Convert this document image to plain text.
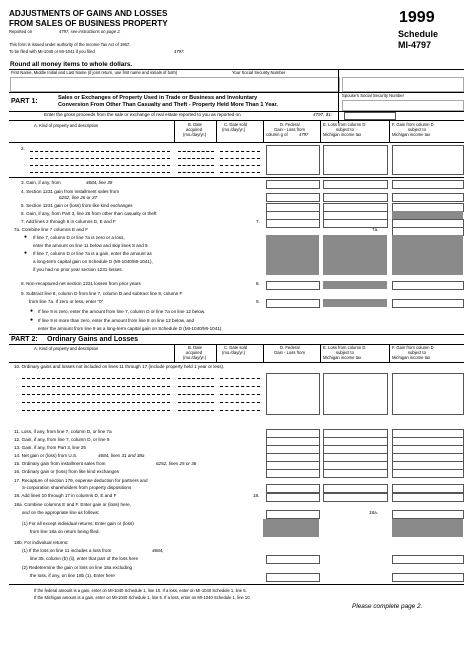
ADJUSTMENTS OF GAINS AND LOSSES
FROM SALES OF BUSINESS PROPERTY
Reported on	4797, see instructions on page 2.
This form is issued under authority of the Income Tax Act of 1967.
To be filed with MI-1040 or MI-1041 if you filed	4797.
1999
Schedule
MI-4797
Round all money items to whole dollars.
First Name, Middle Initial and Last Name (if joint return, use first name and initials of both)	Your Social Security Number
PART 1:	Sales or Exchanges of Property Used in Trade or Business and Involuntary
Conversion From Other Than Casualty and Theft - Property Held More Than 1 Year.
Spouse's Social Security Number
Enter the gross proceeds from the sale or exchange of real estate reported to you as reported on	4797, $1:
A. Kind of property and description	B. Date
acquired
(mo./day/yr.)
C. Date sold
(mo./day/yr.)
D. Federal
Gain - Loss from
column g of	4797
E. Loss from column D
subject to
Michigan income tax
F. Gain from column D
subject to
Michigan income tax
2.
3. Gain, if any, from	4684, line 39
4. Section 1231 gain from installment sales from
6252, line 26 or 37
5. Section 1231 gain or (loss) from like kind exchanges
6. Gain, if any, from Part 3, line 26 from other than casualty or theft
7. Add lines 2 through 6 in columns D, E and F	7.
7a. Combine line 7 columns E and F	7a.
● If line 7, column D or line 7a is zero or a loss,
enter the amount on line 11 below and skip lines 8 and 9.
● If line 7, column D or line 7a is a gain, enter the amount as
a long-term capital gain on Schedule D (MI-1040/MI-1041),
if you had no prior year section 1231 losses.
8. Non-recaptured net section 1231 losses from prior years	8.
9. Subtract line 8, column D from line 7, column D and subtract line 8, column F
from line 7a. If zero or less, enter "0"	9.
● If line 9 is zero, enter the amount from line 7, column D or line 7a on line 12 below.
● If line 9 is more than zero, enter the amount from line 8 on line 12 below, and
enter the amount from line 9 as a long-term capital gain on Schedule D (MI-1040/MI-1041).
PART 2: Ordinary Gains and Losses
A. Kind of property and description	B. Date
acquired
(mo./day/yr.)
C. Date sold
(mo./day/yr.)
D. Federal
Gain - Loss from
E. Loss from column D
subject to
Michigan income tax
F. Gain from column D
subject to
Michigan income tax
10. Ordinary gains and losses not included on lines 11 through 17 (include property held 1 year or less).
11. Loss, if any, from line 7, column D, or line 7a
12. Gain, if any, from line 7, column D, or line 9
13. Gain, if any, from Part 3, line 25
14. Net gain or (loss) from U.S.	4684, lines 31 and 38a
15. Ordinary gain from installment sales from	6252, lines 25 or 36
16. Ordinary gain or (loss) from like kind exchanges
17. Recapture of section 179, expense deduction for partners and
S-corporation shareholders from property dispositions
18. Add lines 10 through 17 in columns D, E and F	18.
18a. Combine columns E and F. Enter gain or (loss) here,
and on the appropriate line as follows:	18a.
(1) For all except individual returns: Enter gain or (loss)
from line 18a on return being filed.
18b. For individual returns:
(1) If the loss on line 11 includes a loss from	4684,
line 35, column (b) (ii), enter that part of the loss here
(2) Redetermine the gain or loss on line 18a excluding
the loss, if any, on line 18b (1). Enter here
If the federal amount is a gain, enter on MI-1040 Schedule 1, line 10. If a loss, enter on MI-1040 Schedule 1, line 5.
If the Michigan amount is a gain, enter on MI-1040 Schedule 1, line 5. If a loss, enter on MI-1040 Schedule 1, line 10.
Please complete page 2.
